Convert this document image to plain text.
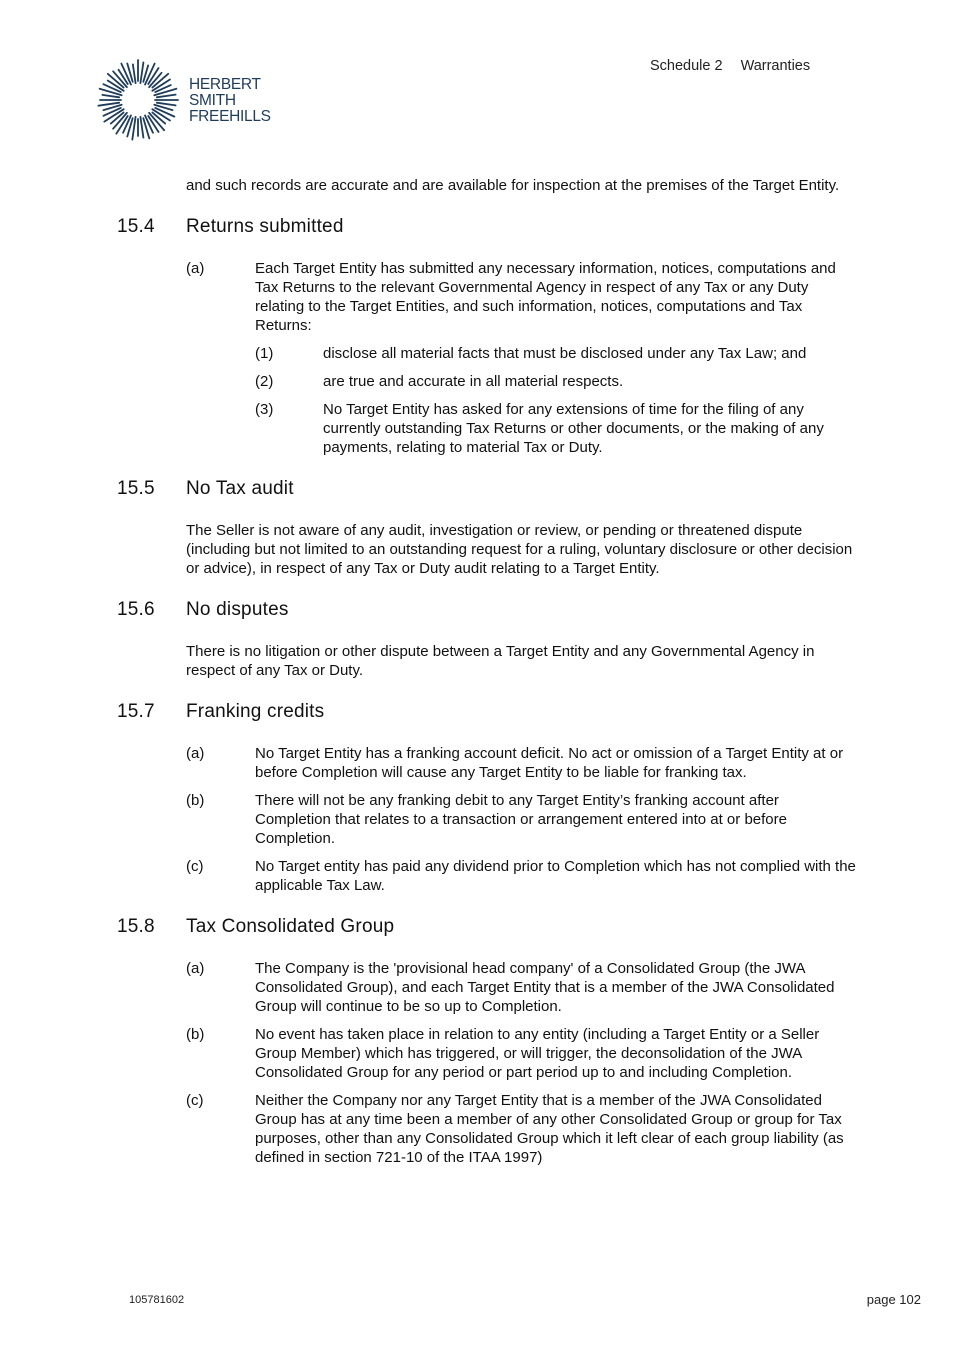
HERBERT
SMITH
FREEHILLS
Schedule 2 Warranties

and such records are accurate and are available for inspection at the premises of the Target Entity.

15.4	Returns submitted
(a)	Each Target Entity has submitted any necessary information, notices, computations and Tax Returns to the relevant Governmental Agency in respect of any Tax or any Duty relating to the Target Entities, and such information, notices, computations and Tax Returns:
(1)	disclose all material facts that must be disclosed under any Tax Law; and
(2)	are true and accurate in all material respects.
(3)	No Target Entity has asked for any extensions of time for the filing of any currently outstanding Tax Returns or other documents, or the making of any payments, relating to material Tax or Duty.
15.5	No Tax audit

The Seller is not aware of any audit, investigation or review, or pending or threatened dispute (including but not limited to an outstanding request for a ruling, voluntary disclosure or other decision or advice), in respect of any Tax or Duty audit relating to a Target Entity.

15.6	No disputes

There is no litigation or other dispute between a Target Entity and any Governmental Agency in respect of any Tax or Duty.

15.7	Franking credits
(a)	No Target Entity has a franking account deficit. No act or omission of a Target Entity at or before Completion will cause any Target Entity to be liable for franking tax.
(b)	There will not be any franking debit to any Target Entity’s franking account after Completion that relates to a transaction or arrangement entered into at or before Completion.
(c)	No Target entity has paid any dividend prior to Completion which has not complied with the applicable Tax Law.
15.8	Tax Consolidated Group
(a)	The Company is the 'provisional head company' of a Consolidated Group (the JWA Consolidated Group), and each Target Entity that is a member of the JWA Consolidated Group will continue to be so up to Completion.
(b)	No event has taken place in relation to any entity (including a Target Entity or a Seller Group Member) which has triggered, or will trigger, the deconsolidation of the JWA Consolidated Group for any period or part period up to and including Completion.
(c)	Neither the Company nor any Target Entity that is a member of the JWA Consolidated Group has at any time been a member of any other Consolidated Group or group for Tax purposes, other than any Consolidated Group which it left clear of each group liability (as defined in section 721-10 of the ITAA 1997)
105781602	page 102
